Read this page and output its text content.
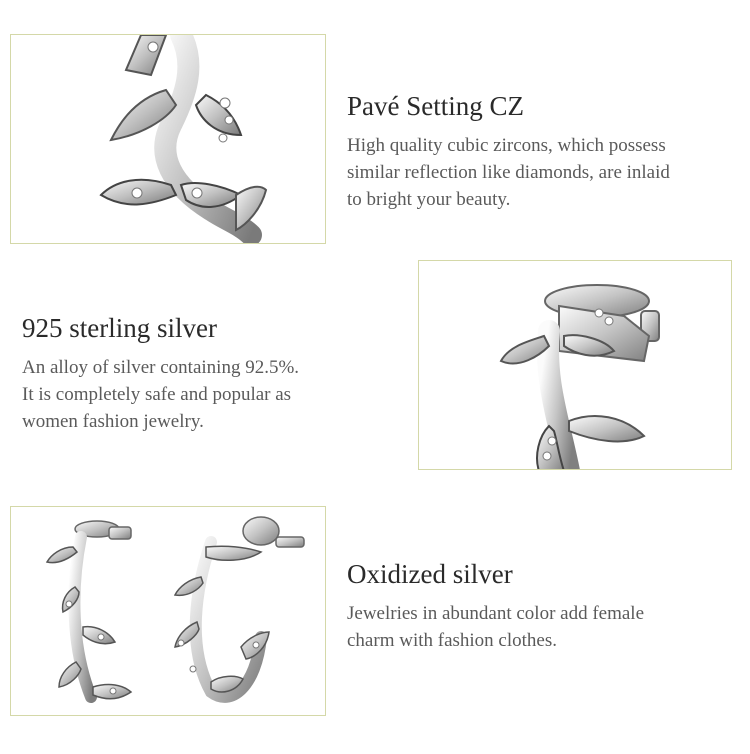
Pavé Setting CZ

High quality cubic zircons, which possess
similar reflection like diamonds, are inlaid
to bright your beauty.

925 sterling silver

An alloy of silver containing 92.5%.
It is completely safe and popular as
women fashion jewelry.

Oxidized silver

Jewelries in abundant color add female
charm with fashion clothes.
